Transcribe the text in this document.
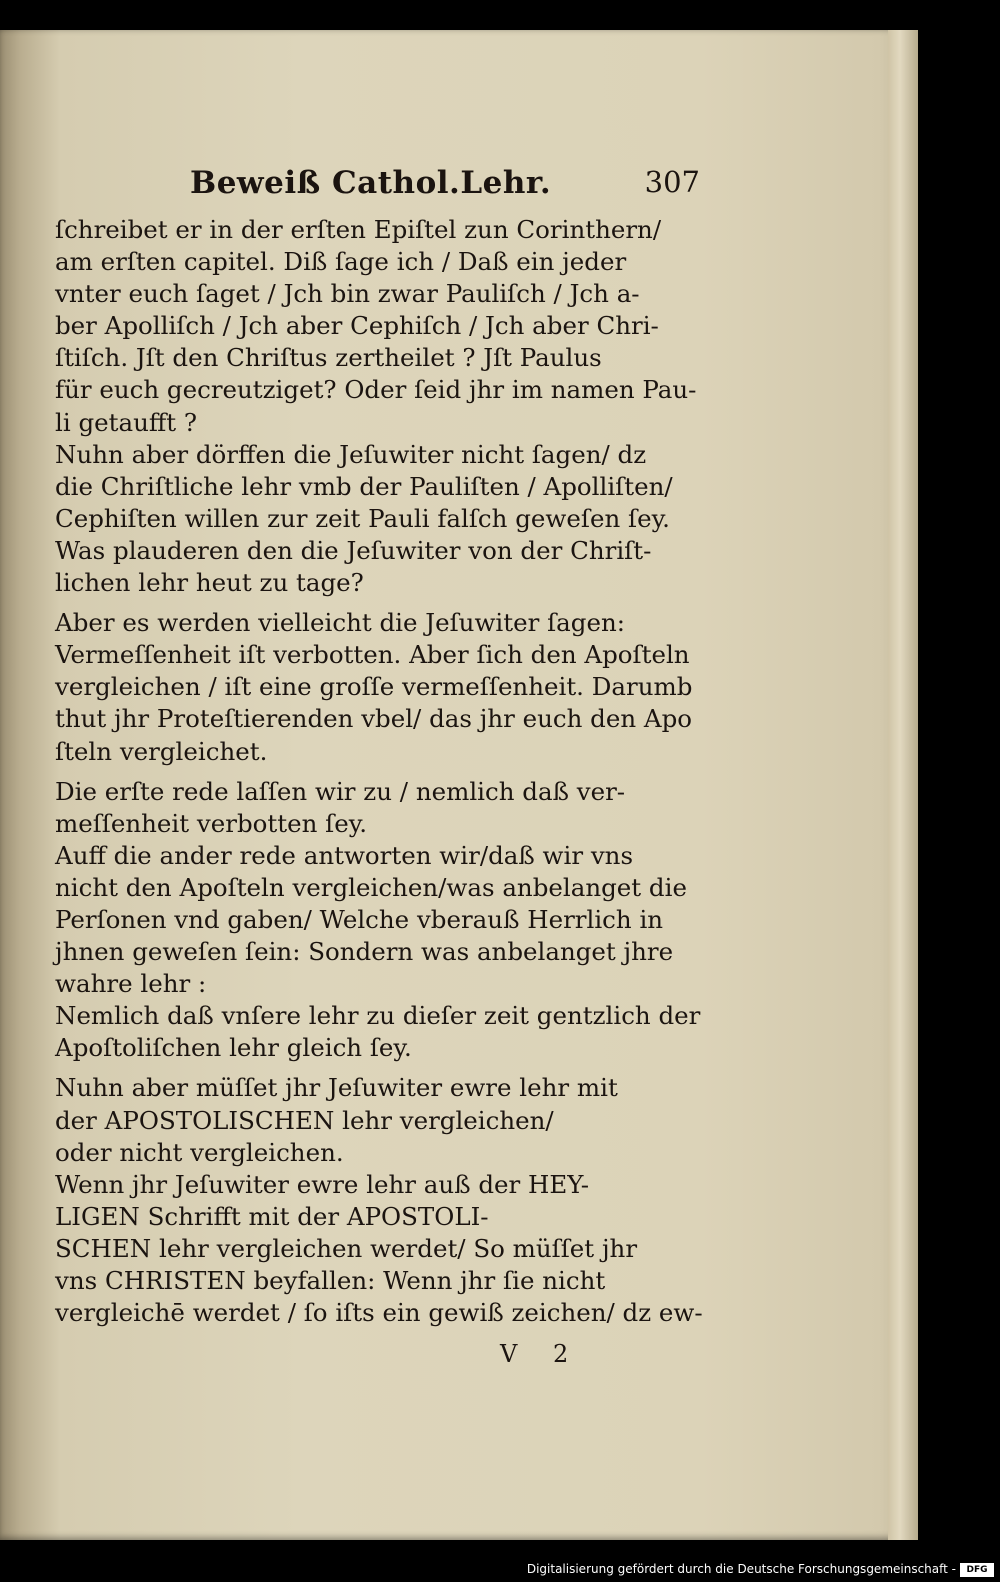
Beweiß Cathol.Lehr.	307
ſchreibet er in der erſten Epiſtel zun Corinthern/
am erſten capitel. Diß ſage ich / Daß ein jeder
vnter euch ſaget / Jch bin zwar Pauliſch / Jch a-
ber Apolliſch / Jch aber Cephiſch / Jch aber Chri-
ſtiſch. Jſt den Chriſtus zertheilet ? Jſt Paulus
für euch gecreutziget? Oder ſeid jhr im namen Pau-
li getaufft ?
Nuhn aber dörffen die Jeſuwiter nicht ſagen/ dz
die Chriſtliche lehr vmb der Pauliſten / Apolliſten/
Cephiſten willen zur zeit Pauli falſch geweſen ſey.
Was plauderen den die Jeſuwiter von der Chriſt-
lichen lehr heut zu tage?
Aber es werden vielleicht die Jeſuwiter ſagen:
Vermeſſenheit iſt verbotten. Aber ſich den Apoſteln
vergleichen / iſt eine groſſe vermeſſenheit. Darumb
thut jhr Proteſtierenden vbel/ das jhr euch den Apo
ſteln vergleichet.
Die erſte rede laſſen wir zu / nemlich daß ver-
meſſenheit verbotten ſey.
Auff die ander rede antworten wir/daß wir vns
nicht den Apoſteln vergleichen/was anbelanget die
Perſonen vnd gaben/ Welche vberauß Herrlich in
jhnen geweſen ſein: Sondern was anbelanget jhre
wahre lehr :
Nemlich daß vnſere lehr zu dieſer zeit gentzlich der
Apoſtoliſchen lehr gleich ſey.
Nuhn aber müſſet jhr Jeſuwiter ewre lehr mit
der APOSTOLISCHEN lehr vergleichen/
oder nicht vergleichen.
Wenn jhr Jeſuwiter ewre lehr auß der HEY-
LIGEN Schrifft mit der APOSTOLI-
SCHEN lehr vergleichen werdet/ So müſſet jhr
vns CHRISTEN beyfallen: Wenn jhr ſie nicht
vergleichē werdet / ſo iſts ein gewiß zeichen/ dz ew-
V 2
Digitalisierung gefördert durch die Deutsche Forschungsgemeinschaft -	DFG
